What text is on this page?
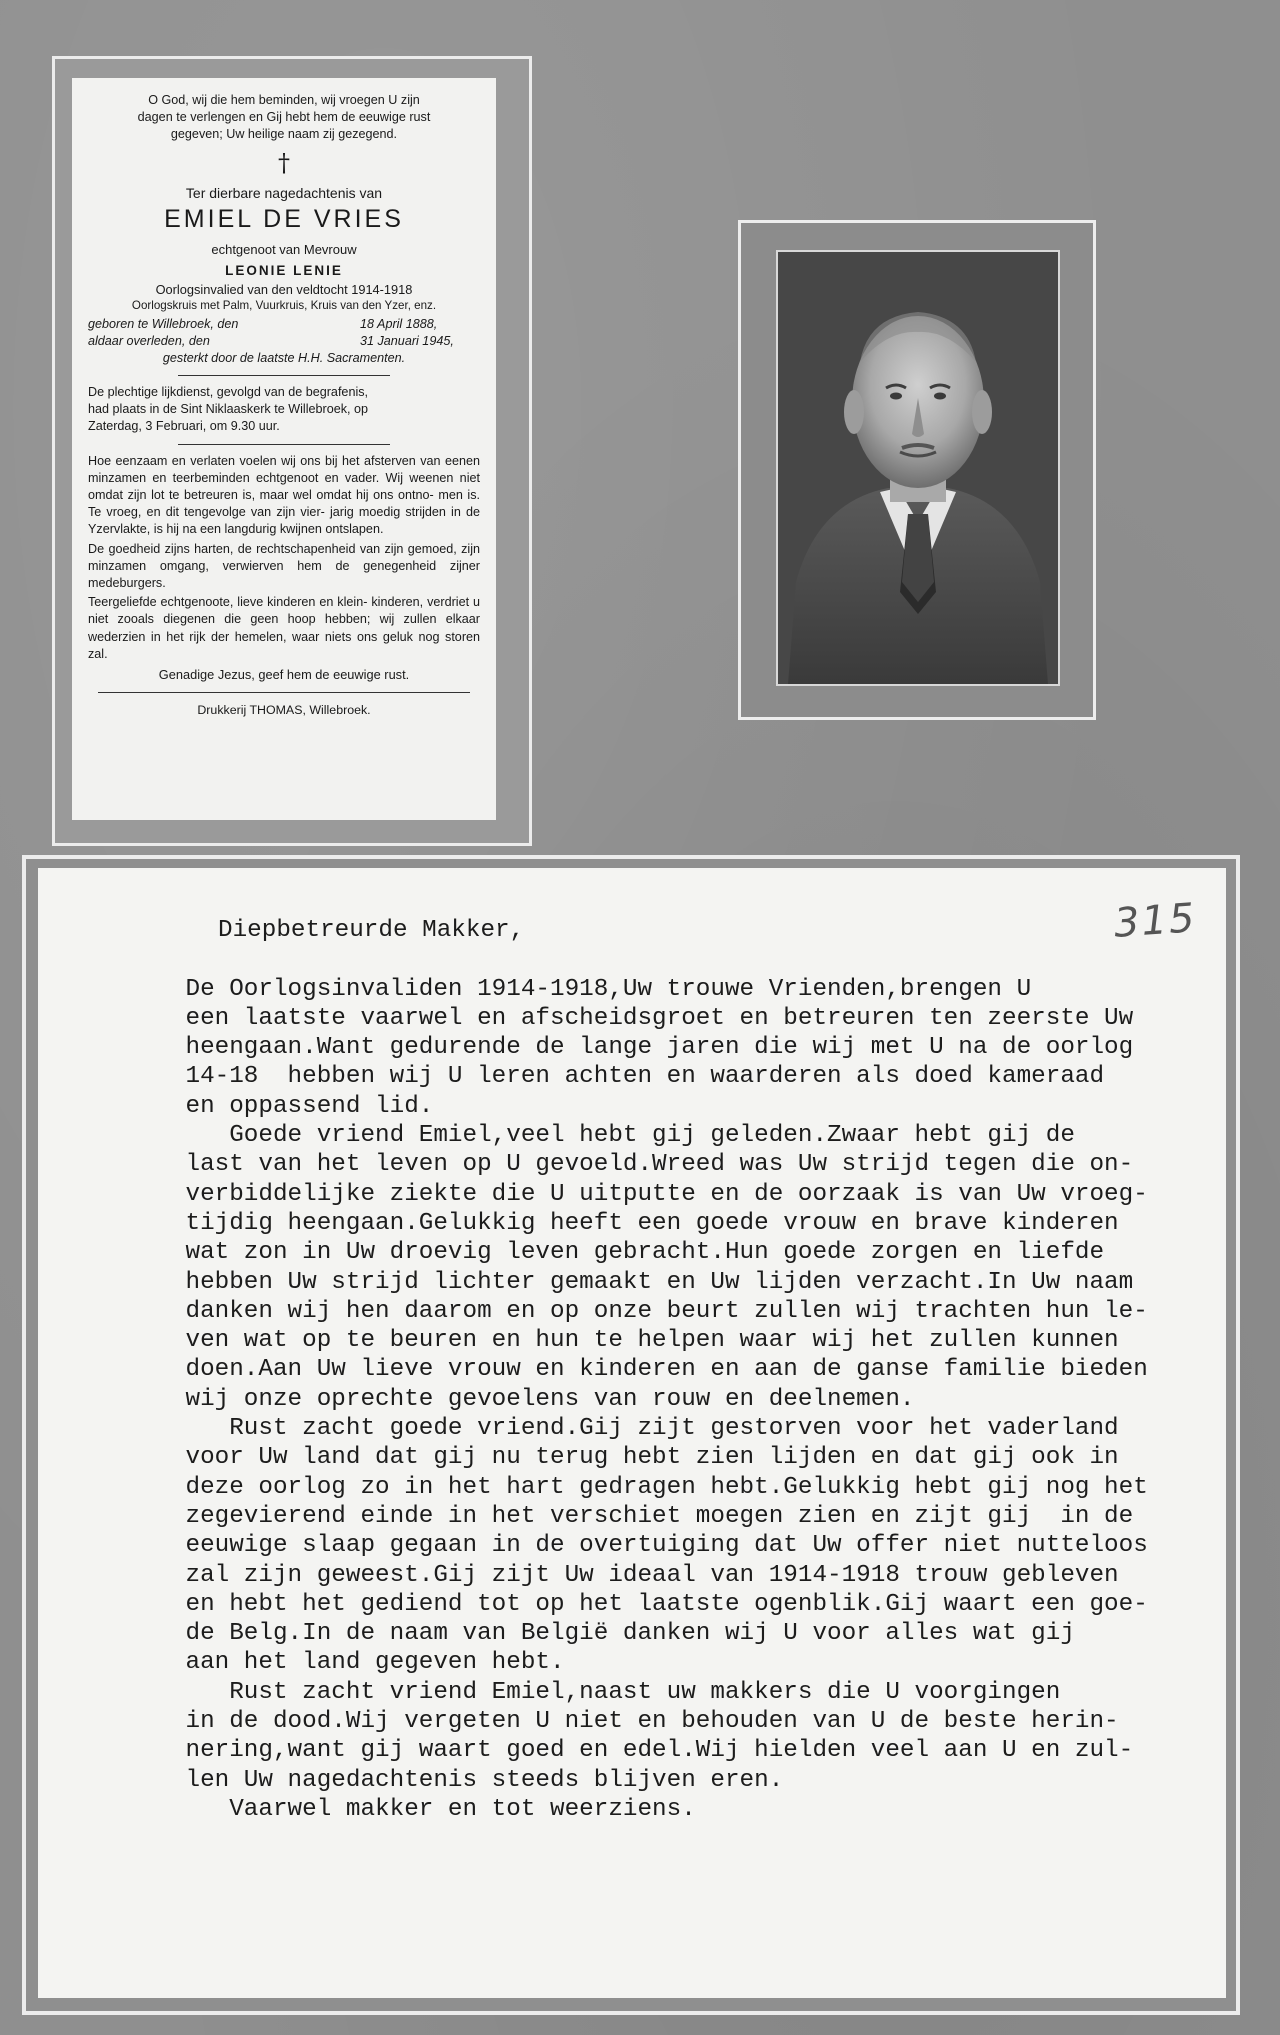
O God, wij die hem beminden, wij vroegen U zijn
dagen te verlengen en Gij hebt hem de eeuwige rust
gegeven; Uw heilige naam zij gezegend.

†

Ter dierbare nagedachtenis van

EMIEL DE VRIES

echtgenoot van Mevrouw

LEONIE LENIE

Oorlogsinvalied van den veldtocht 1914-1918

Oorlogskruis met Palm, Vuurkruis, Kruis van den Yzer, enz.

geboren te Willebroek, den	18 April 1888,
aldaar overleden, den	31 Januari 1945,

gesterkt door de laatste H.H. Sacramenten.

De plechtige lijkdienst, gevolgd van de begrafenis,
had plaats in de Sint Niklaaskerk te Willebroek, op
Zaterdag, 3 Februari, om 9.30 uur.

Hoe eenzaam en verlaten voelen wij ons bij het afsterven van eenen minzamen en teerbeminden echtgenoot en vader. Wij weenen niet omdat zijn lot te betreuren is, maar wel omdat hij ons ontno- men is. Te vroeg, en dit tengevolge van zijn vier- jarig moedig strijden in de Yzervlakte, is hij na een langdurig kwijnen ontslapen.

De goedheid zijns harten, de rechtschapenheid van zijn gemoed, zijn minzamen omgang, verwierven hem de genegenheid zijner medeburgers.

Teergeliefde echtgenoote, lieve kinderen en klein- kinderen, verdriet u niet zooals diegenen die geen hoop hebben; wij zullen elkaar wederzien in het rijk der hemelen, waar niets ons geluk nog storen zal.

Genadige Jezus, geef hem de eeuwige rust.

Drukkerij THOMAS, Willebroek.

315

Diepbetreurde Makker,

De Oorlogsinvaliden 1914-1918,Uw trouwe Vrienden,brengen U

een laatste vaarwel en afscheidsgroet en betreuren ten zeerste Uw

heengaan.Want gedurende de lange jaren die wij met U na de oorlog

14-18  hebben wij U leren achten en waarderen als doed kameraad

en oppassend lid.

Goede vriend Emiel,veel hebt gij geleden.Zwaar hebt gij de

last van het leven op U gevoeld.Wreed was Uw strijd tegen die on-

verbiddelijke ziekte die U uitputte en de oorzaak is van Uw vroeg-

tijdig heengaan.Gelukkig heeft een goede vrouw en brave kinderen

wat zon in Uw droevig leven gebracht.Hun goede zorgen en liefde

hebben Uw strijd lichter gemaakt en Uw lijden verzacht.In Uw naam

danken wij hen daarom en op onze beurt zullen wij trachten hun le-

ven wat op te beuren en hun te helpen waar wij het zullen kunnen

doen.Aan Uw lieve vrouw en kinderen en aan de ganse familie bieden

wij onze oprechte gevoelens van rouw en deelnemen.

Rust zacht goede vriend.Gij zijt gestorven voor het vaderland

voor Uw land dat gij nu terug hebt zien lijden en dat gij ook in

deze oorlog zo in het hart gedragen hebt.Gelukkig hebt gij nog het

zegevierend einde in het verschiet moegen zien en zijt gij  in de

eeuwige slaap gegaan in de overtuiging dat Uw offer niet nutteloos

zal zijn geweest.Gij zijt Uw ideaal van 1914-1918 trouw gebleven

en hebt het gediend tot op het laatste ogenblik.Gij waart een goe-

de Belg.In de naam van België danken wij U voor alles wat gij

aan het land gegeven hebt.

Rust zacht vriend Emiel,naast uw makkers die U voorgingen

in de dood.Wij vergeten U niet en behouden van U de beste herin-

nering,want gij waart goed en edel.Wij hielden veel aan U en zul-

len Uw nagedachtenis steeds blijven eren.

Vaarwel makker en tot weerziens.
